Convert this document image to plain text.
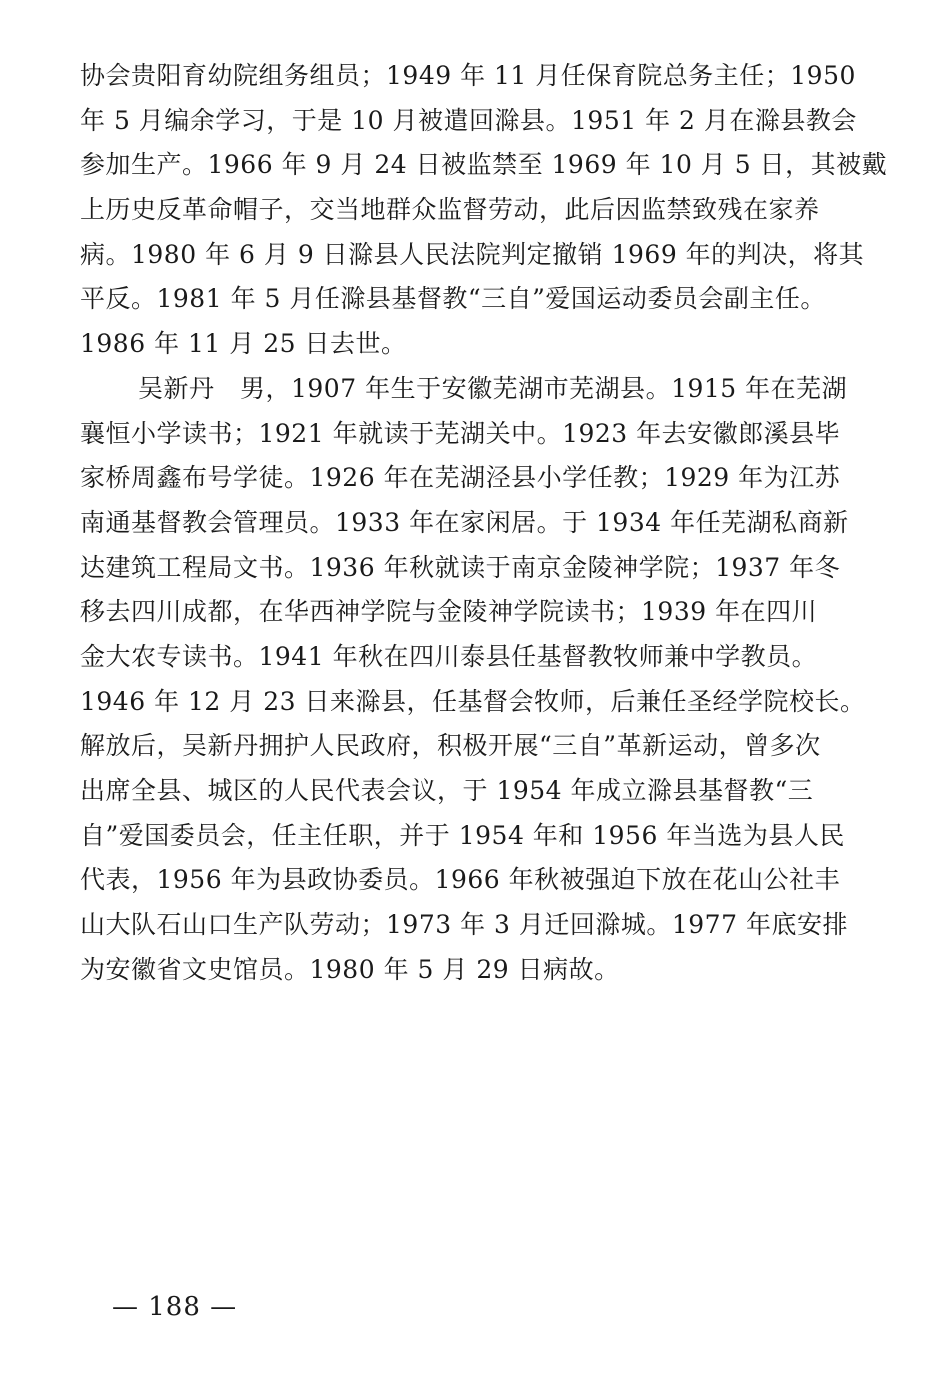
协会贵阳育幼院组务组员；1949 年 11 月任保育院总务主任；1950
年 5 月编余学习，于是 10 月被遣回滁县。1951 年 2 月在滁县教会
参加生产。1966 年 9 月 24 日被监禁至 1969 年 10 月 5 日，其被戴
上历史反革命帽子，交当地群众监督劳动，此后因监禁致残在家养
病。1980 年 6 月 9 日滁县人民法院判定撤销 1969 年的判决，将其
平反。1981 年 5 月任滁县基督教“三自”爱国运动委员会副主任。
1986 年 11 月 25 日去世。
吴新丹　男，1907 年生于安徽芜湖市芜湖县。1915 年在芜湖
襄恒小学读书；1921 年就读于芜湖关中。1923 年去安徽郎溪县毕
家桥周鑫布号学徒。1926 年在芜湖泾县小学任教；1929 年为江苏
南通基督教会管理员。1933 年在家闲居。于 1934 年任芜湖私商新
达建筑工程局文书。1936 年秋就读于南京金陵神学院；1937 年冬
移去四川成都，在华西神学院与金陵神学院读书；1939 年在四川
金大农专读书。1941 年秋在四川泰县任基督教牧师兼中学教员。
1946 年 12 月 23 日来滁县，任基督会牧师，后兼任圣经学院校长。
解放后，吴新丹拥护人民政府，积极开展“三自”革新运动，曾多次
出席全县、城区的人民代表会议，于 1954 年成立滁县基督教“三
自”爱国委员会，任主任职，并于 1954 年和 1956 年当选为县人民
代表，1956 年为县政协委员。1966 年秋被强迫下放在花山公社丰
山大队石山口生产队劳动；1973 年 3 月迁回滁城。1977 年底安排
为安徽省文史馆员。1980 年 5 月 29 日病故。
— 188 —
